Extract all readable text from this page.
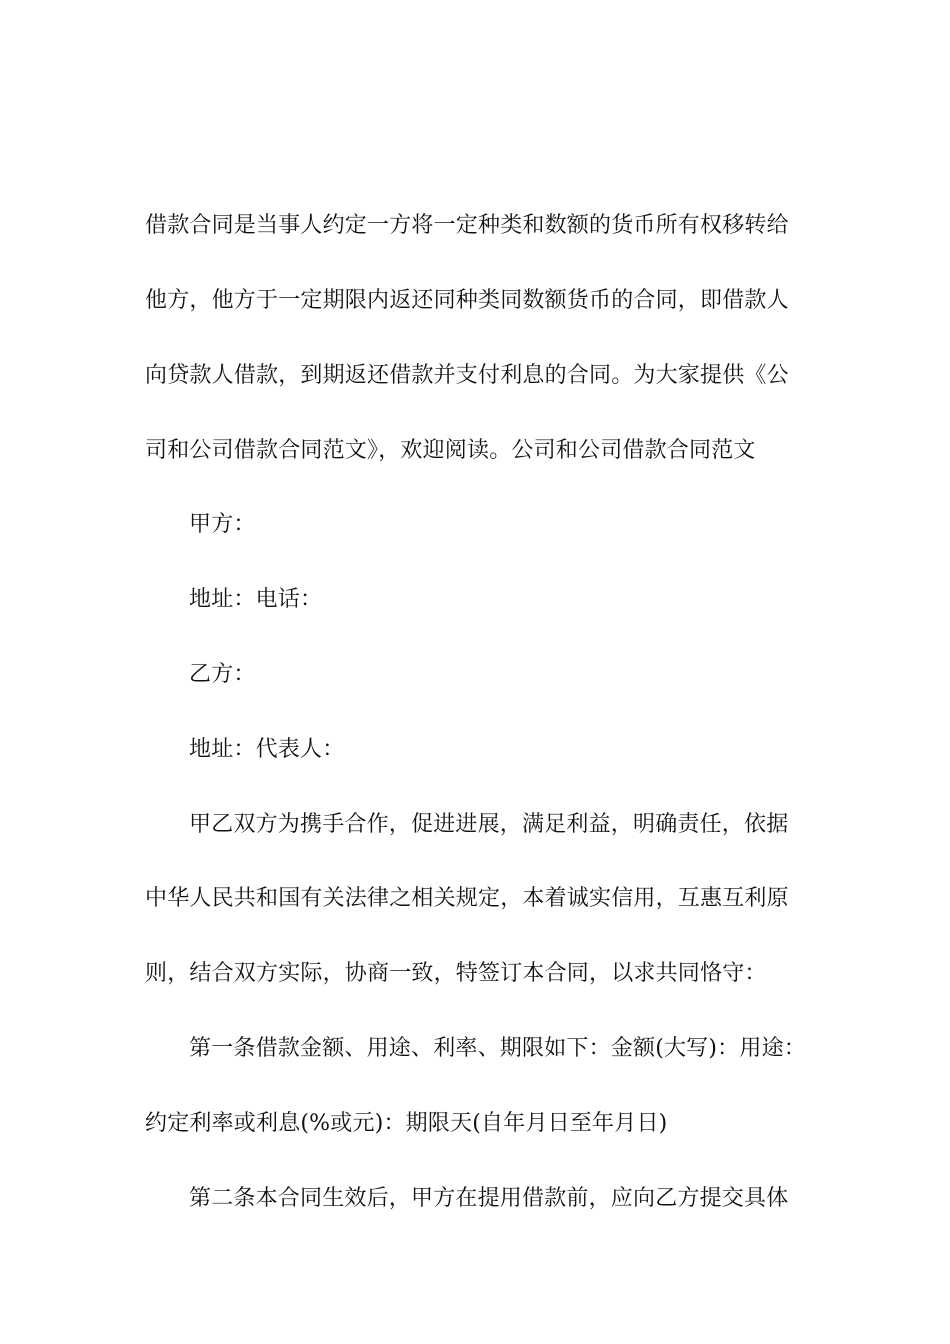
借款合同是当事人约定一方将一定种类和数额的货币所有权移转给
他方，他方于一定期限内返还同种类同数额货币的合同，即借款人
向贷款人借款，到期返还借款并支付利息的合同。为大家提供《公
司和公司借款合同范文》，欢迎阅读。公司和公司借款合同范文
甲方：
地址：电话：
乙方：
地址：代表人：
甲乙双方为携手合作，促进进展，满足利益，明确责任，依据
中华人民共和国有关法律之相关规定，本着诚实信用，互惠互利原
则，结合双方实际，协商一致，特签订本合同，以求共同恪守：
第一条借款金额、用途、利率、期限如下：金额(大写)：用途：
约定利率或利息(%或元)：期限天(自年月日至年月日)
第二条本合同生效后，甲方在提用借款前，应向乙方提交具体
